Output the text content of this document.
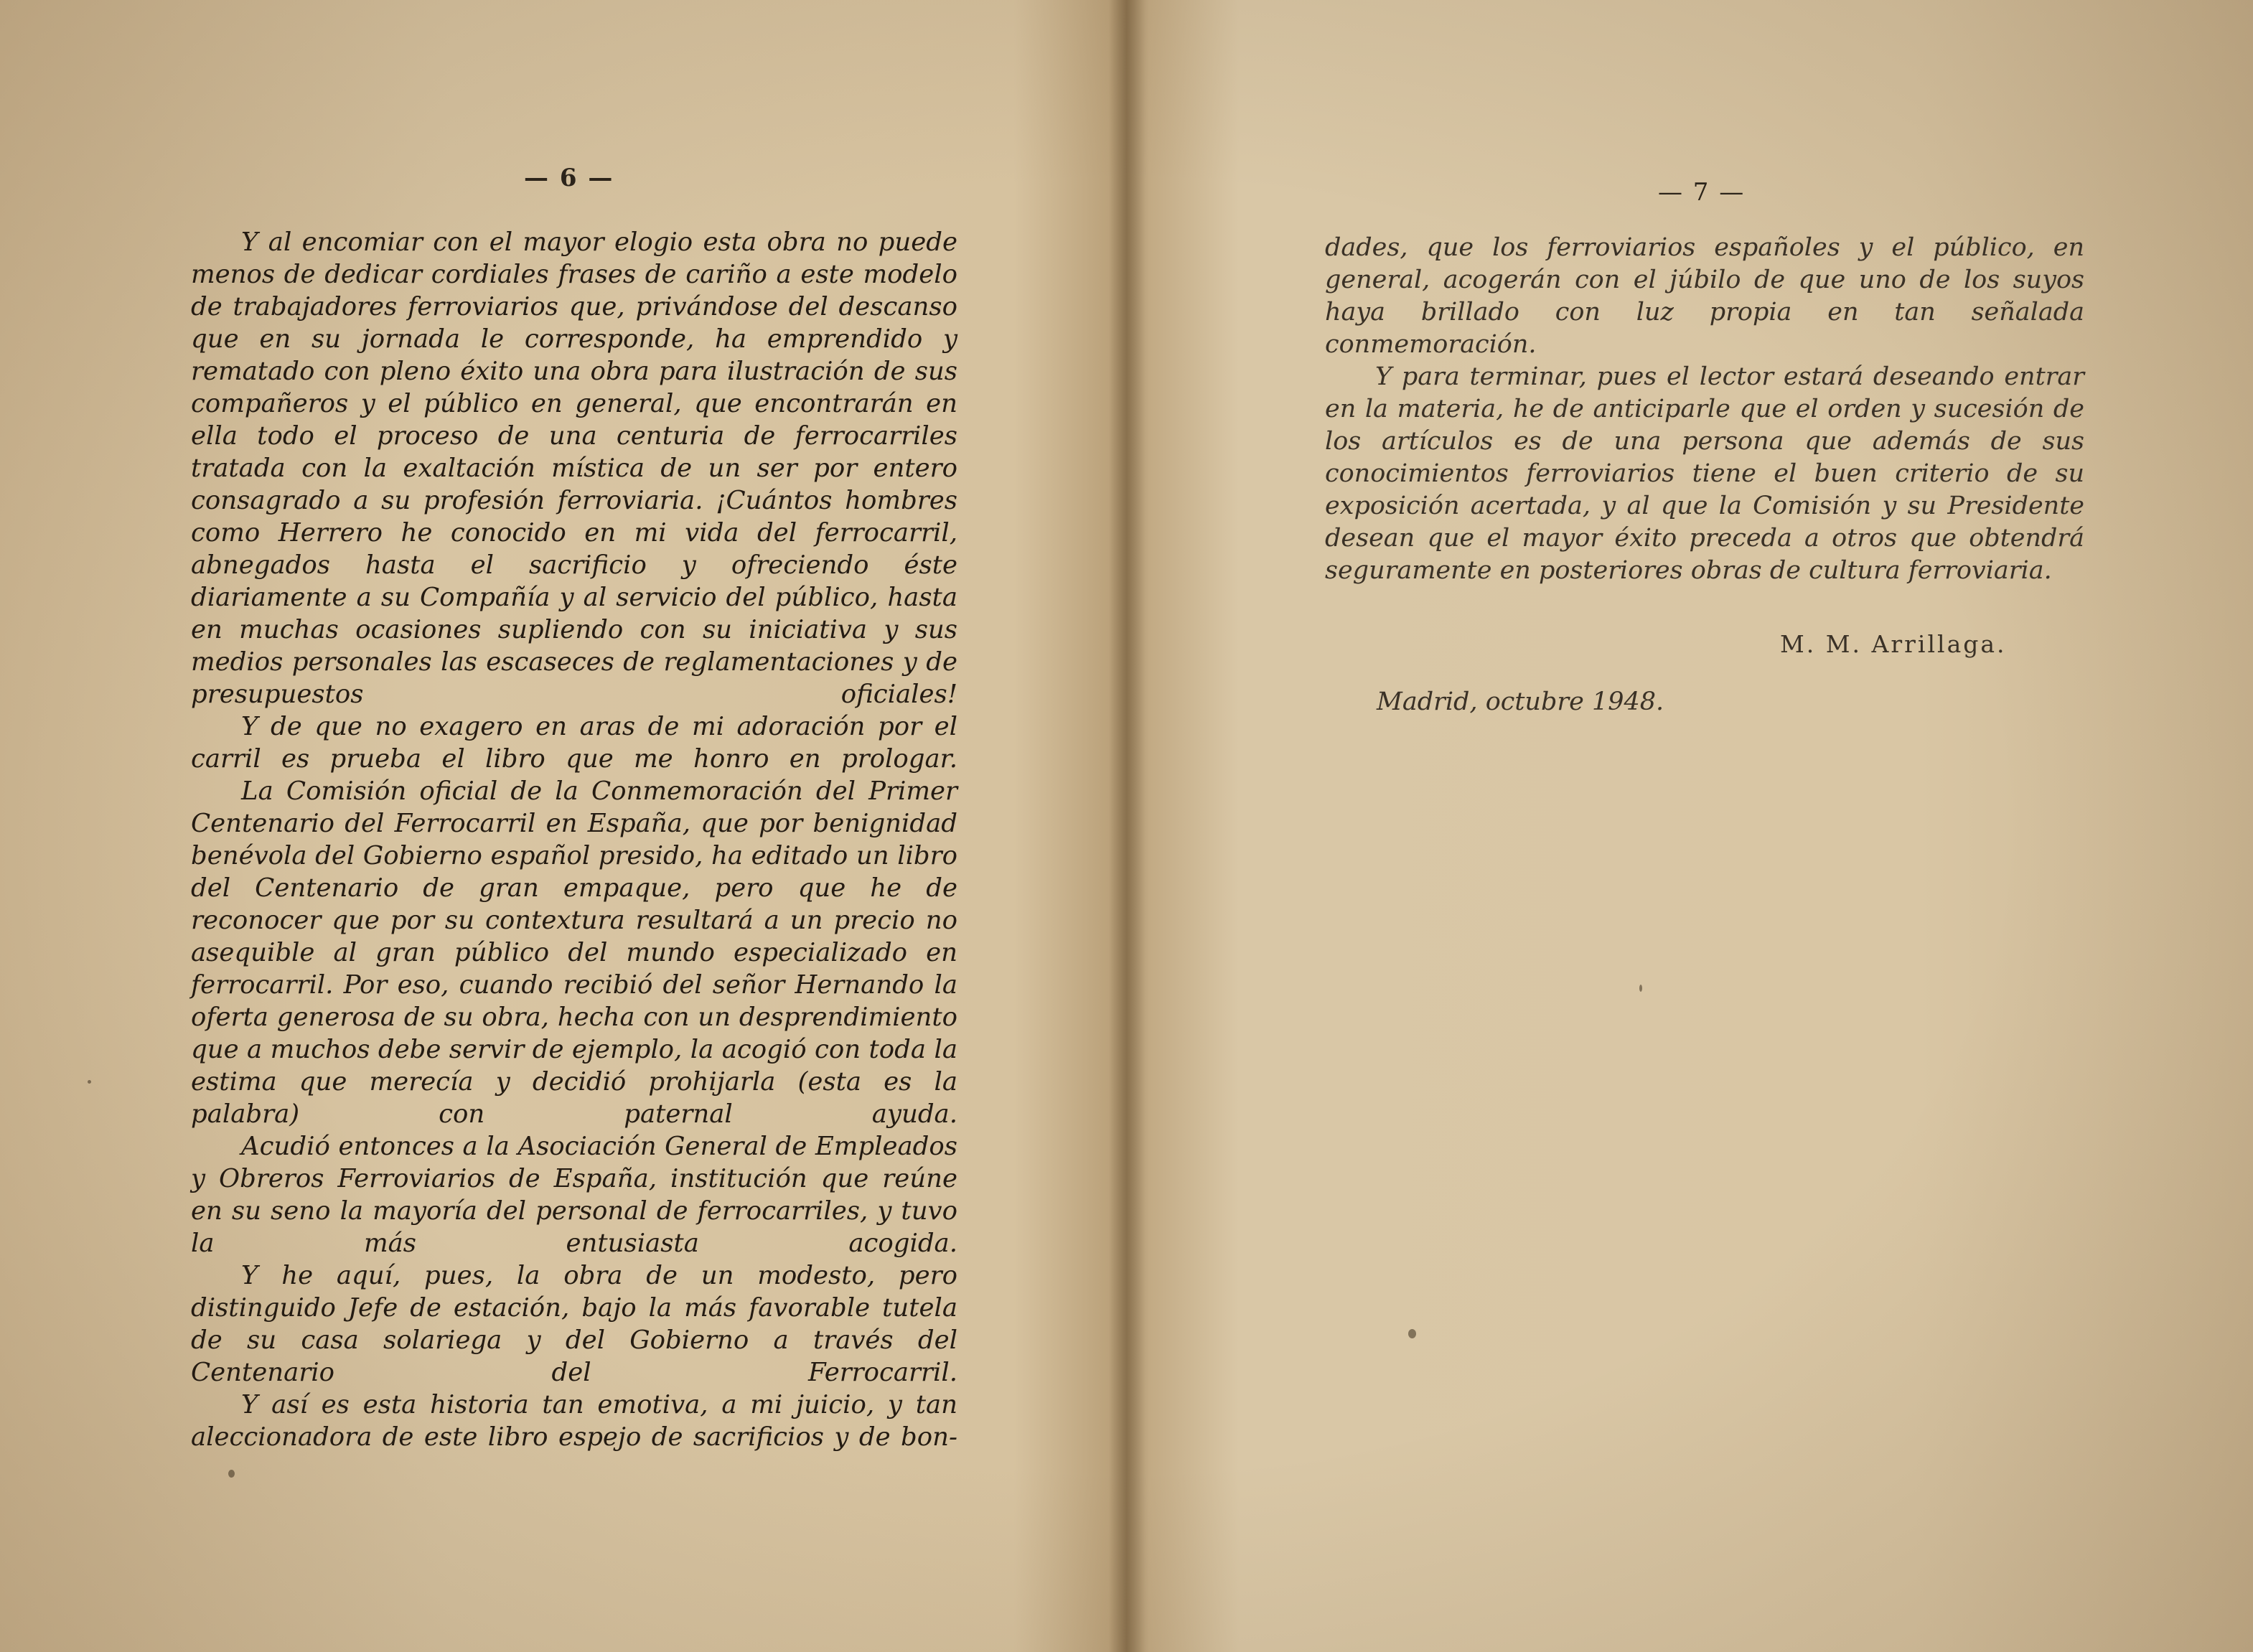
— 6 —

Y al encomiar con el mayor elogio esta obra no puede menos de dedicar cordiales frases de cariño a este modelo de trabajadores ferroviarios que, privándose del descanso que en su jornada le corresponde, ha emprendido y rematado con pleno éxito una obra para ilustración de sus compañeros y el público en general, que encontrarán en ella todo el proceso de una centuria de ferrocarriles tratada con la exaltación mística de un ser por entero consagrado a su profesión ferroviaria. ¡Cuántos hombres como Herrero he conocido en mi vida del ferrocarril, abnegados hasta el sacrificio y ofreciendo éste diariamente a su Compañía y al servicio del público, hasta en muchas ocasiones supliendo con su iniciativa y sus medios personales las escaseces de reglamentaciones y de presupuestos oficiales!

Y de que no exagero en aras de mi adoración por el carril es prueba el libro que me honro en prologar.

La Comisión oficial de la Conmemoración del Primer Centenario del Ferrocarril en España, que por benignidad benévola del Gobierno español presido, ha editado un libro del Centenario de gran empaque, pero que he de reconocer que por su contextura resultará a un precio no asequible al gran público del mundo especializado en ferrocarril. Por eso, cuando recibió del señor Hernando la oferta generosa de su obra, hecha con un desprendimiento que a muchos debe servir de ejemplo, la acogió con toda la estima que merecía y decidió prohijarla (esta es la palabra) con paternal ayuda.

Acudió entonces a la Asociación General de Empleados y Obreros Ferroviarios de España, institución que reúne en su seno la mayoría del personal de ferrocarriles, y tuvo la más entusiasta acogida.

Y he aquí, pues, la obra de un modesto, pero distinguido Jefe de estación, bajo la más favorable tutela de su casa solariega y del Gobierno a través del Centenario del Ferrocarril.

Y así es esta historia tan emotiva, a mi juicio, y tan aleccionadora de este libro espejo de sacrificios y de bon-

— 7 —

dades, que los ferroviarios españoles y el público, en general, acogerán con el júbilo de que uno de los suyos haya brillado con luz propia en tan señalada conmemoración.

Y para terminar, pues el lector estará deseando entrar en la materia, he de anticiparle que el orden y sucesión de los artículos es de una persona que además de sus conocimientos ferroviarios tiene el buen criterio de su exposición acertada, y al que la Comisión y su Presidente desean que el mayor éxito preceda a otros que obtendrá seguramente en posteriores obras de cultura ferroviaria.

M. M. Arrillaga.
Madrid, octubre 1948.
